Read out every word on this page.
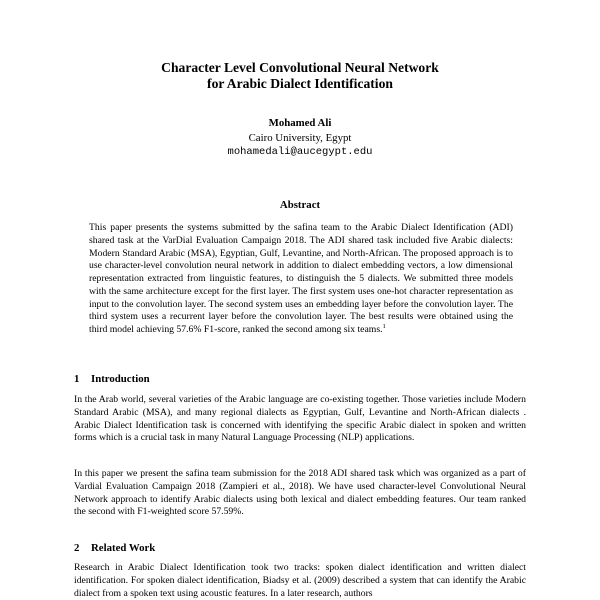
Character Level Convolutional Neural Network
for Arabic Dialect Identification
Mohamed Ali
Cairo University, Egypt
mohamedali@aucegypt.edu
Abstract
This paper presents the systems submitted by the safina team to the Arabic Dialect Identification (ADI) shared task at the VarDial Evaluation Campaign 2018. The ADI shared task included five Arabic dialects: Modern Standard Arabic (MSA), Egyptian, Gulf, Levantine, and North-African. The proposed approach is to use character-level convolution neural network in addition to dialect embedding vectors, a low dimensional representation extracted from linguistic features, to distinguish the 5 dialects. We submitted three models with the same architecture except for the first layer. The first system uses one-hot character representation as input to the convolution layer. The second system uses an embedding layer before the convolution layer. The third system uses a recurrent layer before the convolution layer. The best results were obtained using the third model achieving 57.6% F1-score, ranked the second among six teams.$^1$
1 Introduction
In the Arab world, several varieties of the Arabic language are co-existing together. Those varieties include Modern Standard Arabic (MSA), and many regional dialects as Egyptian, Gulf, Levantine and North-African dialects . Arabic Dialect Identification task is concerned with identifying the specific Arabic dialect in spoken and written forms which is a crucial task in many Natural Language Processing (NLP) applications.
In this paper we present the safina team submission for the 2018 ADI shared task which was organized as a part of Vardial Evaluation Campaign 2018 (Zampieri et al., 2018). We have used character-level Convolutional Neural Network approach to identify Arabic dialects using both lexical and dialect embedding features. Our team ranked the second with F1-weighted score 57.59%.
2 Related Work
Research in Arabic Dialect Identification took two tracks: spoken dialect identification and written dialect identification. For spoken dialect identification, Biadsy et al. (2009) described a system that can identify the Arabic dialect from a spoken text using acoustic features. In a later research, authors
